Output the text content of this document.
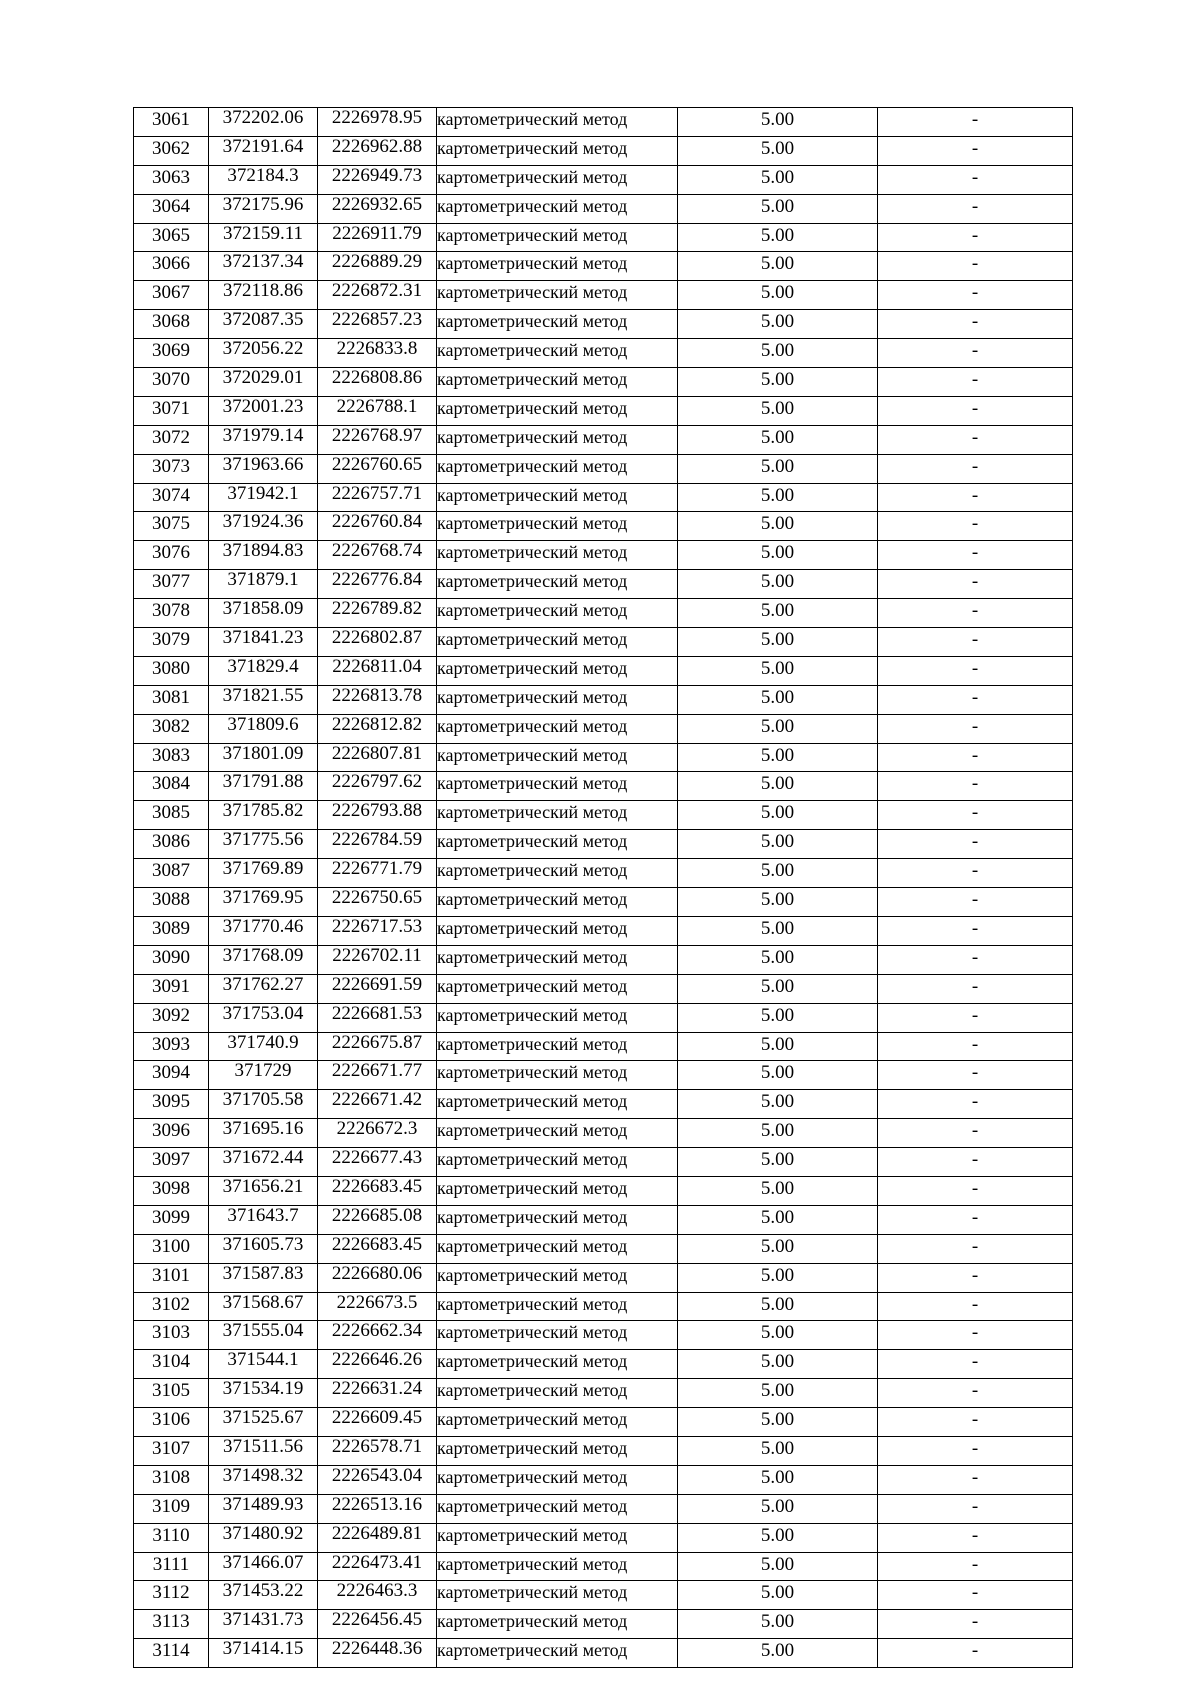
3061	372202.06	2226978.95	картометрический метод	5.00	-
3062	372191.64	2226962.88	картометрический метод	5.00	-
3063	372184.3	2226949.73	картометрический метод	5.00	-
3064	372175.96	2226932.65	картометрический метод	5.00	-
3065	372159.11	2226911.79	картометрический метод	5.00	-
3066	372137.34	2226889.29	картометрический метод	5.00	-
3067	372118.86	2226872.31	картометрический метод	5.00	-
3068	372087.35	2226857.23	картометрический метод	5.00	-
3069	372056.22	2226833.8	картометрический метод	5.00	-
3070	372029.01	2226808.86	картометрический метод	5.00	-
3071	372001.23	2226788.1	картометрический метод	5.00	-
3072	371979.14	2226768.97	картометрический метод	5.00	-
3073	371963.66	2226760.65	картометрический метод	5.00	-
3074	371942.1	2226757.71	картометрический метод	5.00	-
3075	371924.36	2226760.84	картометрический метод	5.00	-
3076	371894.83	2226768.74	картометрический метод	5.00	-
3077	371879.1	2226776.84	картометрический метод	5.00	-
3078	371858.09	2226789.82	картометрический метод	5.00	-
3079	371841.23	2226802.87	картометрический метод	5.00	-
3080	371829.4	2226811.04	картометрический метод	5.00	-
3081	371821.55	2226813.78	картометрический метод	5.00	-
3082	371809.6	2226812.82	картометрический метод	5.00	-
3083	371801.09	2226807.81	картометрический метод	5.00	-
3084	371791.88	2226797.62	картометрический метод	5.00	-
3085	371785.82	2226793.88	картометрический метод	5.00	-
3086	371775.56	2226784.59	картометрический метод	5.00	-
3087	371769.89	2226771.79	картометрический метод	5.00	-
3088	371769.95	2226750.65	картометрический метод	5.00	-
3089	371770.46	2226717.53	картометрический метод	5.00	-
3090	371768.09	2226702.11	картометрический метод	5.00	-
3091	371762.27	2226691.59	картометрический метод	5.00	-
3092	371753.04	2226681.53	картометрический метод	5.00	-
3093	371740.9	2226675.87	картометрический метод	5.00	-
3094	371729	2226671.77	картометрический метод	5.00	-
3095	371705.58	2226671.42	картометрический метод	5.00	-
3096	371695.16	2226672.3	картометрический метод	5.00	-
3097	371672.44	2226677.43	картометрический метод	5.00	-
3098	371656.21	2226683.45	картометрический метод	5.00	-
3099	371643.7	2226685.08	картометрический метод	5.00	-
3100	371605.73	2226683.45	картометрический метод	5.00	-
3101	371587.83	2226680.06	картометрический метод	5.00	-
3102	371568.67	2226673.5	картометрический метод	5.00	-
3103	371555.04	2226662.34	картометрический метод	5.00	-
3104	371544.1	2226646.26	картометрический метод	5.00	-
3105	371534.19	2226631.24	картометрический метод	5.00	-
3106	371525.67	2226609.45	картометрический метод	5.00	-
3107	371511.56	2226578.71	картометрический метод	5.00	-
3108	371498.32	2226543.04	картометрический метод	5.00	-
3109	371489.93	2226513.16	картометрический метод	5.00	-
3110	371480.92	2226489.81	картометрический метод	5.00	-
3111	371466.07	2226473.41	картометрический метод	5.00	-
3112	371453.22	2226463.3	картометрический метод	5.00	-
3113	371431.73	2226456.45	картометрический метод	5.00	-
3114	371414.15	2226448.36	картометрический метод	5.00	-
